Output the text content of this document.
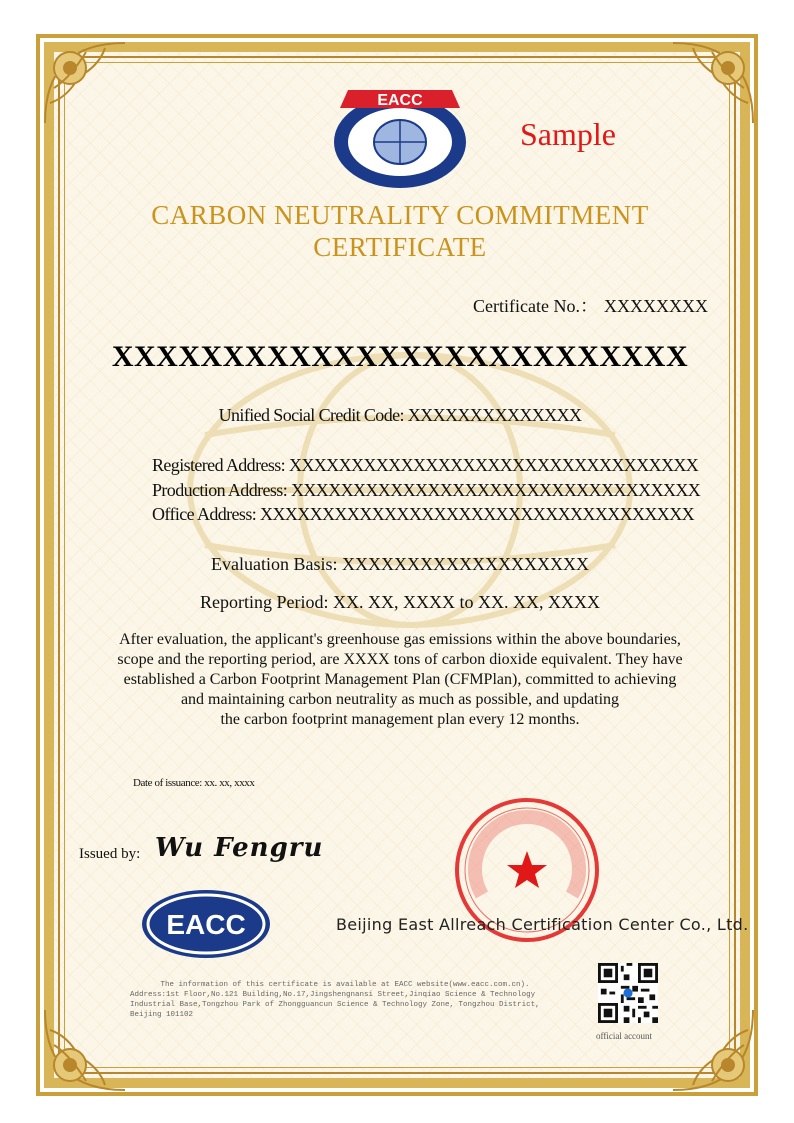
EACC
Sample
CARBON NEUTRALITY COMMITMENT
CERTIFICATE
Certificate No.： XXXXXXXX
XXXXXXXXXXXXXXXXXXXXXXXXXX
Unified Social Credit Code: XXXXXXXXXXXXXX
Registered Address: XXXXXXXXXXXXXXXXXXXXXXXXXXXXXXXXX
Production Address: XXXXXXXXXXXXXXXXXXXXXXXXXXXXXXXXX
Office Address: XXXXXXXXXXXXXXXXXXXXXXXXXXXXXXXXXXX
Evaluation Basis: XXXXXXXXXXXXXXXXXXX
Reporting Period: XX. XX, XXXX to XX. XX, XXXX
After evaluation, the applicant's greenhouse gas emissions within the above boundaries,
scope and the reporting period, are XXXX tons of carbon dioxide equivalent. They have
established a Carbon Footprint Management Plan (CFMPlan), committed to achieving
and maintaining carbon neutrality as much as possible, and updating
the carbon footprint management plan every 12 months.
Date of issuance: xx. xx, xxxx
Issued by: Wu Fengru
EACC	Beijing East Allreach Certification Center Co., Ltd.
The information of this certificate is available at EACC website(www.eacc.com.cn).
Address:1st Floor,No.121 Building,No.17,Jingshengnansi Street,Jinqiao Science & Technology
Industrial Base,Tongzhou Park of Zhongguancun Science & Technology Zone, Tongzhou District,
Beijing 101102
official account
